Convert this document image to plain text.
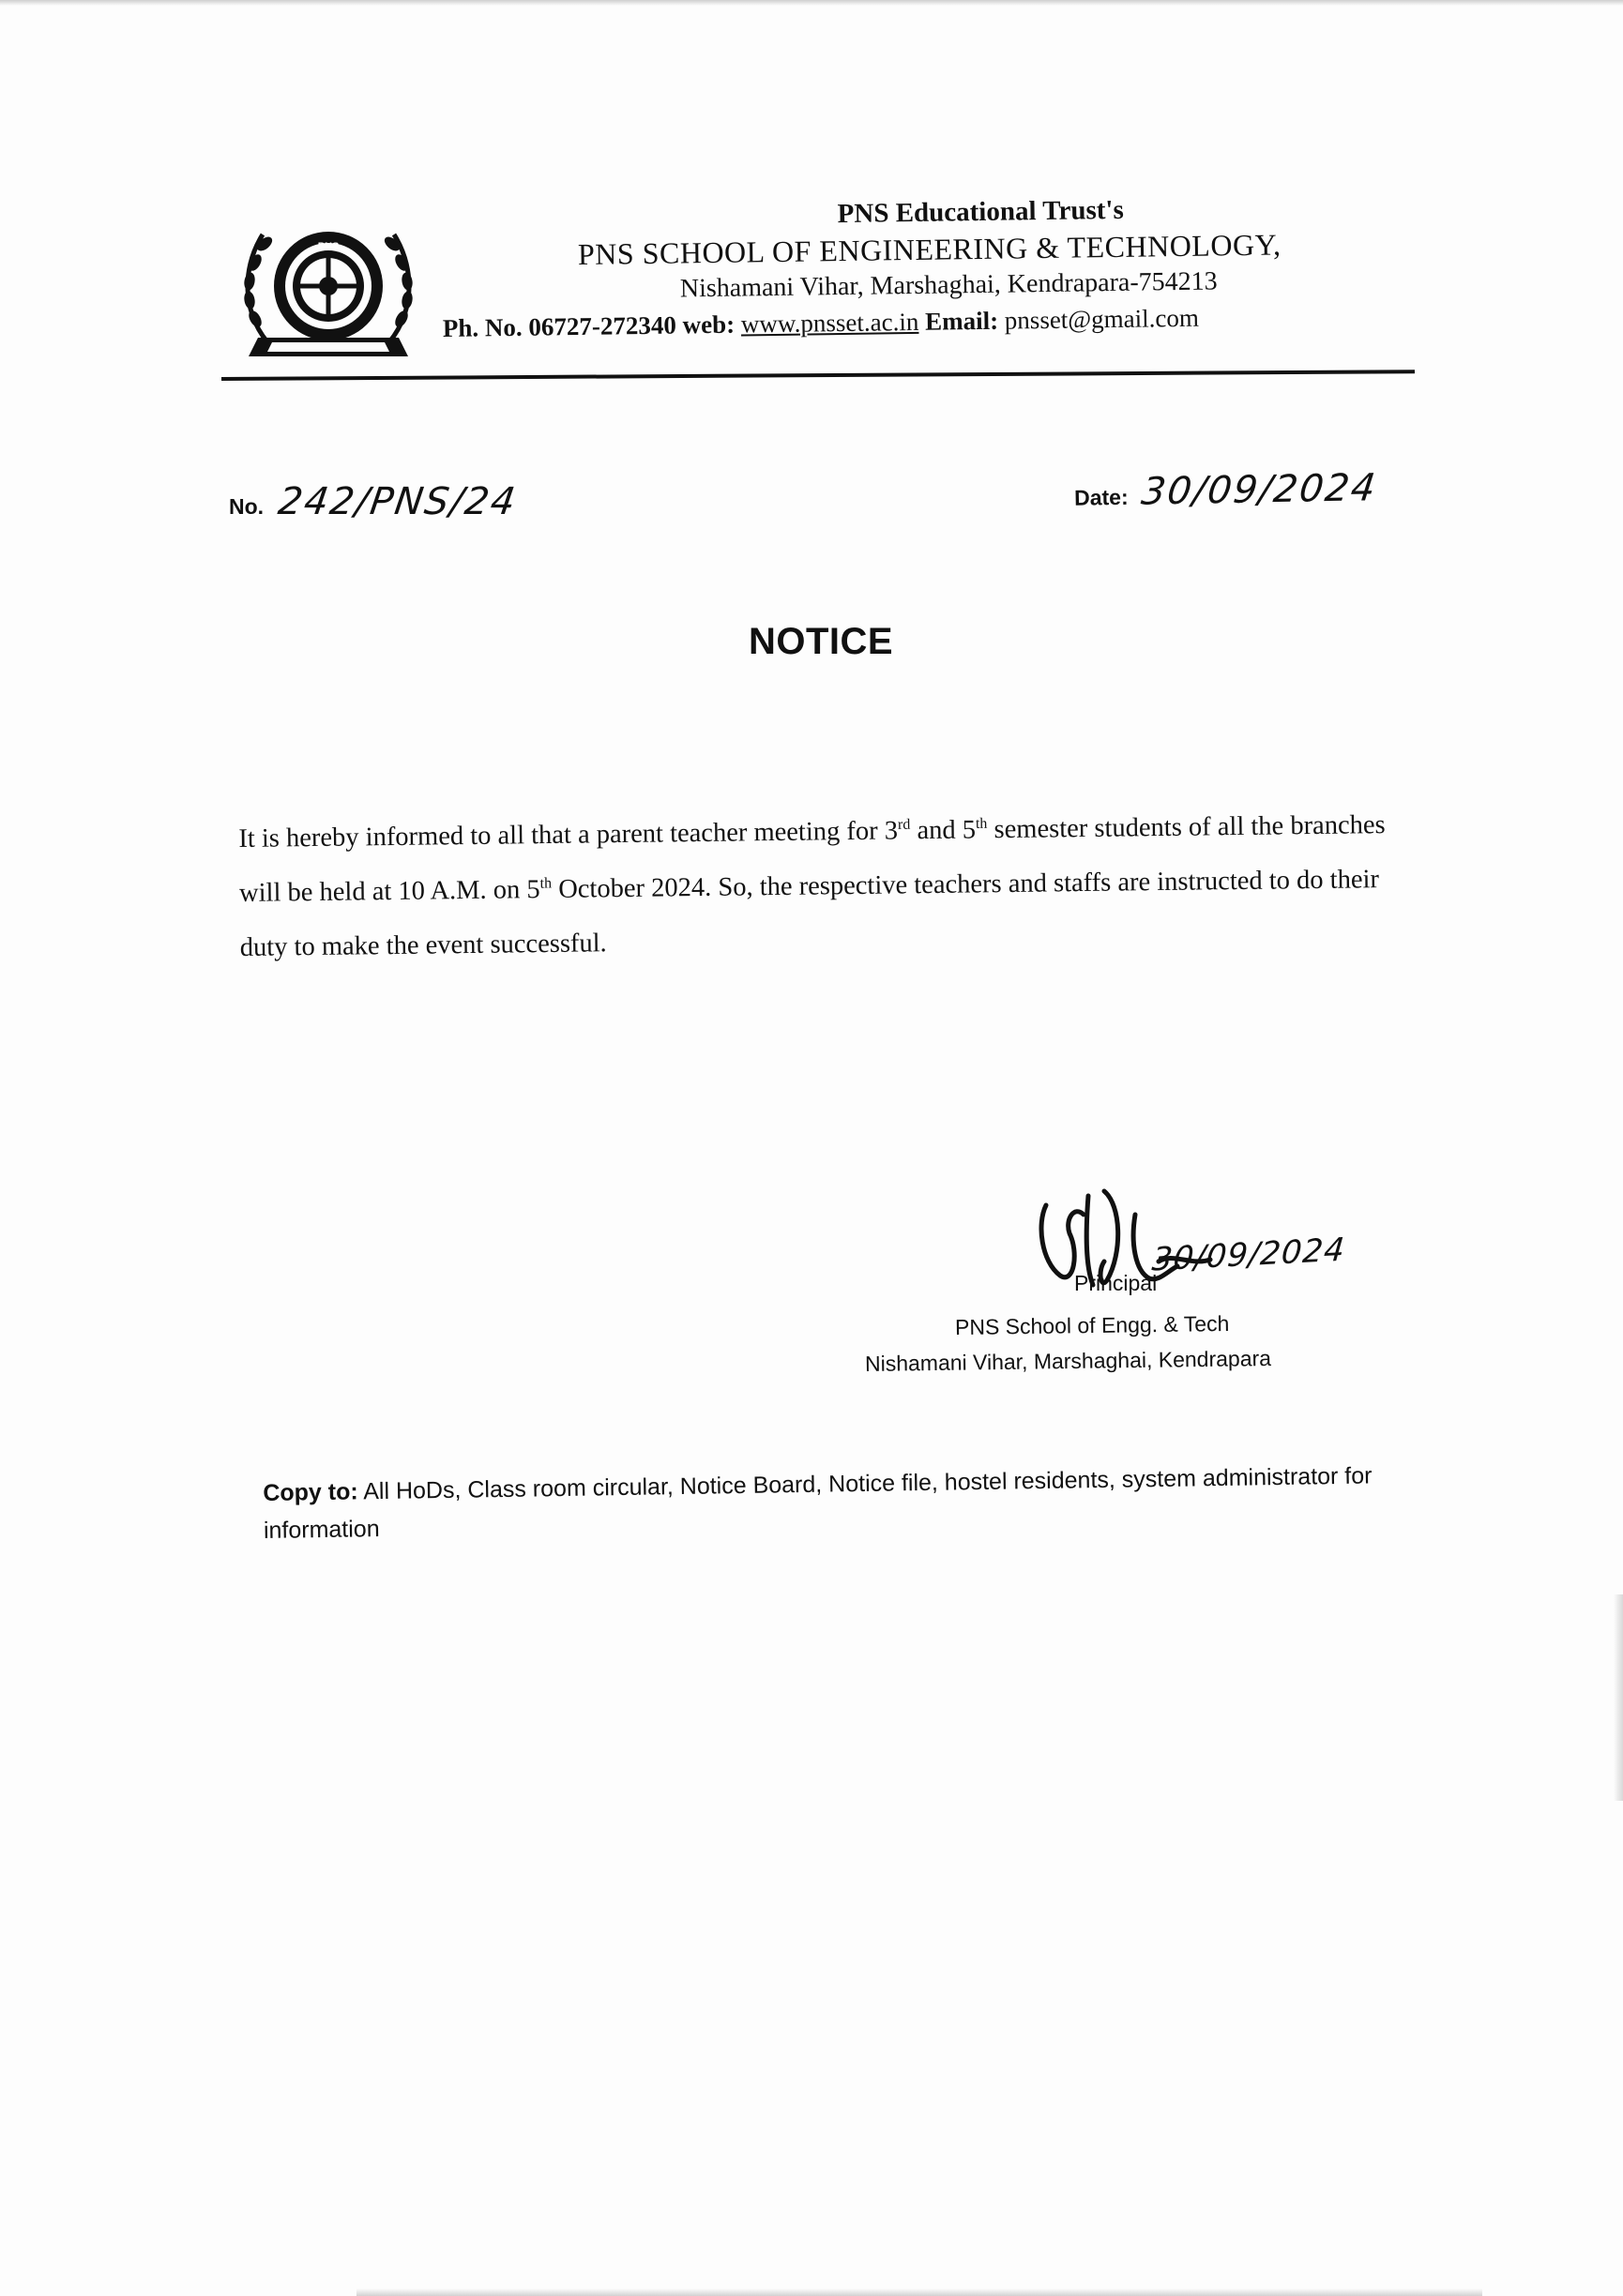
PNS
PNS Educational Trust's
PNS SCHOOL OF ENGINEERING & TECHNOLOGY,
Nishamani Vihar, Marshaghai, Kendrapara-754213
Ph. No. 06727-272340 web: www.pnsset.ac.in Email: pnsset@gmail.com
No. 242/PNS/24	Date: 30/09/2024
NOTICE
It is hereby informed to all that a parent teacher meeting for 3rd and 5th semester students of all the branches will be held at 10 A.M. on 5th October 2024. So, the respective teachers and staffs are instructed to do their duty to make the event successful.
30/09/2024
Principal
PNS School of Engg. & Tech
Nishamani Vihar, Marshaghai, Kendrapara
Copy to: All HoDs, Class room circular, Notice Board, Notice file, hostel residents, system administrator for information
